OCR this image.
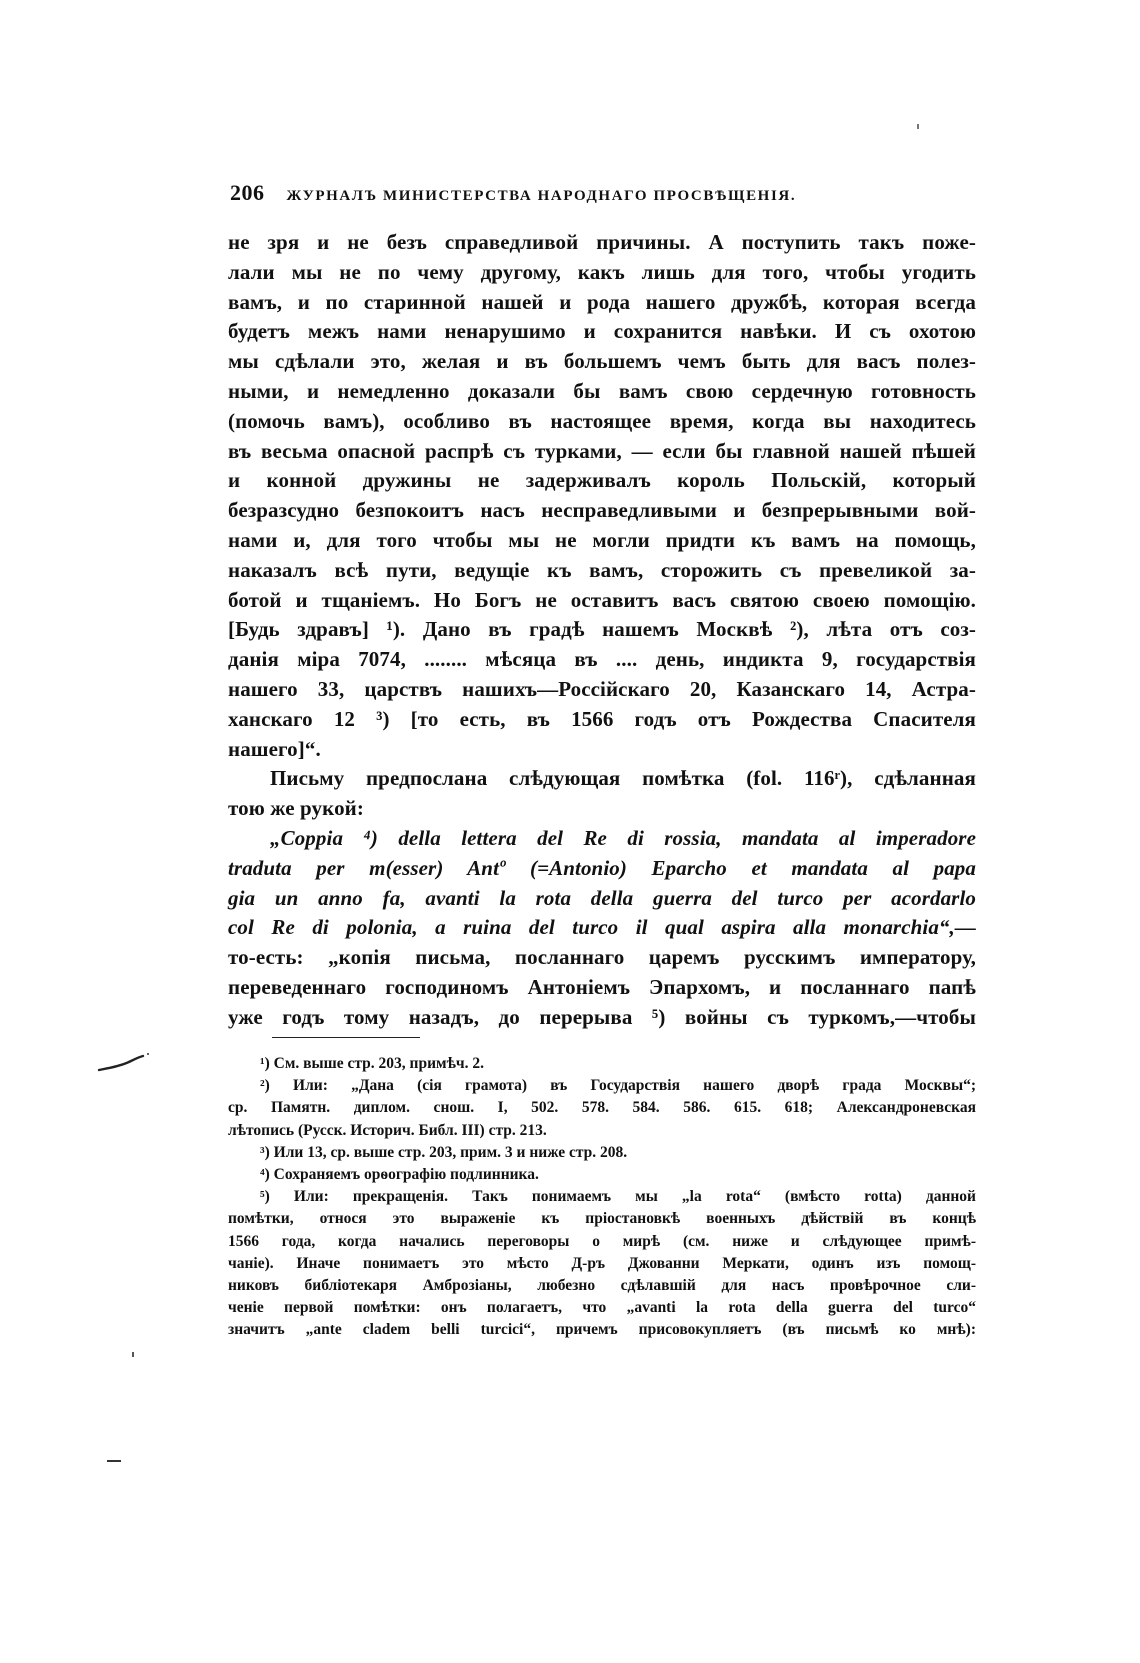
206 ЖУРНАЛЪ МИНИСТЕРСТВА НАРОДНАГО ПРОСВѢЩЕНІЯ.
не зря и не безъ справедливой причины. А поступить такъ поже-
лали мы не по чему другому, какъ лишь для того, чтобы угодить
вамъ, и по старинной нашей и рода нашего дружбѣ, которая всегда
будетъ межъ нами ненарушимо и сохранится навѣки. И съ охотою
мы сдѣлали это, желая и въ большемъ чемъ быть для васъ полез-
ными, и немедленно доказали бы вамъ свою сердечную готовность
(помочь вамъ), особливо въ настоящее время, когда вы находитесь
въ весьма опасной распрѣ съ турками, — если бы главной нашей пѣшей
и конной дружины не задерживалъ король Польскій, который
безразсудно безпокоитъ насъ несправедливыми и безпрерывными вой-
нами и, для того чтобы мы не могли придти къ вамъ на помощь,
наказалъ всѣ пути, ведущіе къ вамъ, сторожить съ превеликой за-
ботой и тщаніемъ. Но Богъ не оставитъ васъ святою своею помощію.
[Будь здравъ] ¹). Дано въ градѣ нашемъ Москвѣ ²), лѣта отъ соз-
данія міра 7074, ........ мѣсяца въ .... день, индикта 9, государствія
нашего 33, царствъ нашихъ—Россійскаго 20, Казанскаго 14, Астра-
ханскаго 12 ³) [то есть, въ 1566 годъ отъ Рождества Спасителя
нашего]“.
Письму предпослана слѣдующая помѣтка (fol. 116ʳ), сдѣланная
тою же рукой:
„Coppia ⁴) della lettera del Re di rossia, mandata al imperadore
traduta per m(esser) Antº (=Antonio) Eparcho et mandata al papa
gia un anno fa, avanti la rota della guerra del turco per acordarlo
col Re di polonia, a ruina del turco il qual aspira alla monarchia“,—
то-есть: „копія письма, посланнаго царемъ русскимъ императору,
переведеннаго господиномъ Антоніемъ Эпархомъ, и посланнаго папѣ
уже годъ тому назадъ, до перерыва ⁵) войны съ туркомъ,—чтобы
¹) См. выше стр. 203, примѣч. 2.
²) Или: „Дана (сія грамота) въ Государствія нашего дворѣ града Москвы“;
ср. Памятн. диплом. снош. I, 502. 578. 584. 586. 615. 618; Александроневская
лѣтопись (Русск. Историч. Библ. III) стр. 213.
³) Или 13, ср. выше стр. 203, прим. 3 и ниже стр. 208.
⁴) Сохраняемъ орѳографію подлинника.
⁵) Или: прекращенія. Такъ понимаемъ мы „la rota“ (вмѣсто rotta) данной
помѣтки, относя это выраженіе къ пріостановкѣ военныхъ дѣйствій въ концѣ
1566 года, когда начались переговоры о мирѣ (см. ниже и слѣдующее примѣ-
чаніе). Иначе понимаетъ это мѣсто Д-ръ Джованни Меркати, одинъ изъ помощ-
никовъ библіотекаря Амброзіаны, любезно сдѣлавшій для насъ провѣрочное сли-
ченіе первой помѣтки: онъ полагаетъ, что „avanti la rota della guerra del turco“
значитъ „ante cladem belli turcici“, причемъ присовокупляетъ (въ письмѣ ко мнѣ):
